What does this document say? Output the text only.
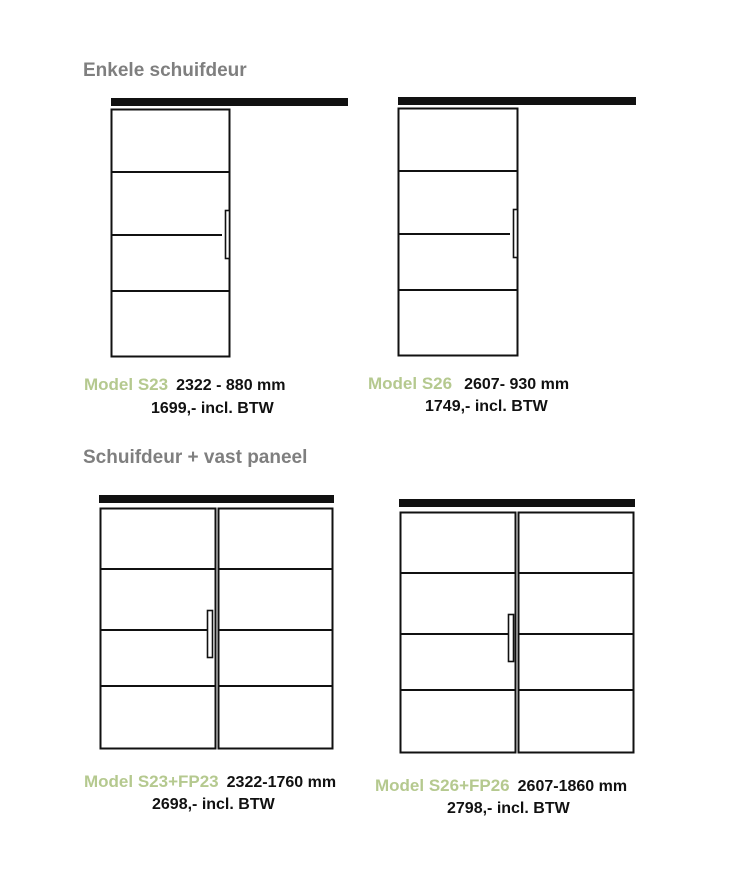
Enkele schuifdeur
Schuifdeur + vast paneel
Model S23 2322 - 880 mm
1699,- incl. BTW
Model S26 2607- 930 mm
1749,- incl. BTW
Model S23+FP23 2322-1760 mm
2698,- incl. BTW
Model S26+FP26 2607-1860 mm
2798,- incl. BTW
